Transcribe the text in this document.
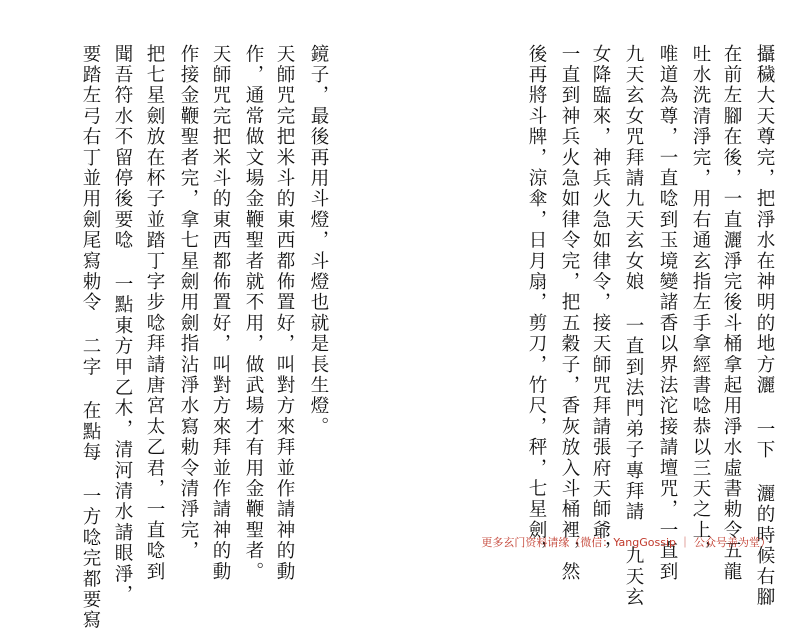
鏡子，最後再用斗燈，斗燈也就是長生燈。
天師咒完把米斗的東西都佈置好，叫對方來拜並作請神的動
作，通常做文場金鞭聖者就不用，做武場才有用金鞭聖者。
天師咒完把米斗的東西都佈置好，叫對方來拜並作請神的動
作接金鞭聖者完，拿七星劍用劍指沾淨水寫勅令清淨完，
把七星劍放在杯子並踏丁字步唸拜請唐宮太乙君，一直唸到
聞吾符水不留停後要唸 一點東方甲乙木，清河清水請眼淨，
要踏左弓右丁並用劍尾寫勅令 二字 在點每 一方唸完都要寫	攝穢大天尊完，把淨水在神明的地方灑 一下 灑的時候右腳
在前左腳在後，一直灑淨完後斗桶拿起用淨水虛書勅令五龍
吐水洗清淨完，用右通玄指左手拿經書唸恭以三天之上，
唯道為尊，一直唸到玉境變諸香以界法沱接請壇咒，一直到
九天玄女咒拜請九天玄女娘 一直到法門弟子專拜請 九天玄
女降臨來，神兵火急如律令，接天師咒拜請張府天師爺，
一直到神兵火急如律令完，把五穀子，香灰放入斗桶裡，然
後再將斗牌，涼傘，日月扇，剪刀，竹尺，秤，七星劍，
更多玄门资料请缘（微信：YangGossip ｜ 公众号善为堂）
